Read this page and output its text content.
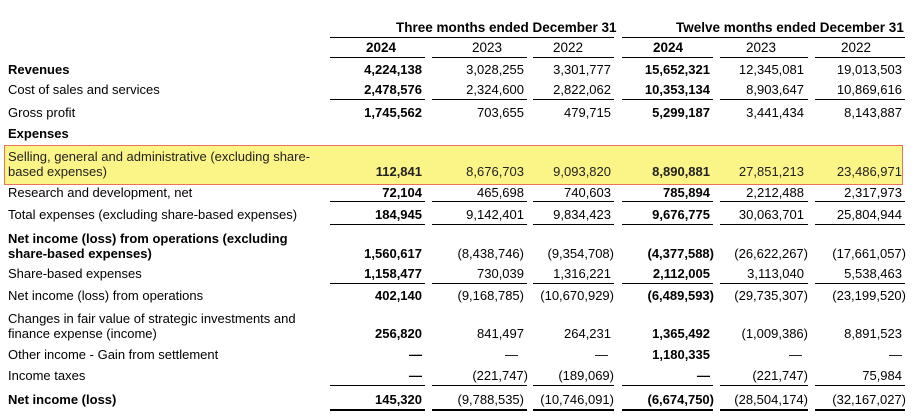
Three months ended December 31	Twelve months ended December 31
2024	2023	2022	2024	2023	2022
Revenues	4,224,138	3,028,255	3,301,777	15,652,321	12,345,081	19,013,503
Cost of sales and services	2,478,576	2,324,600	2,822,062	10,353,134	8,903,647	10,869,616
Gross profit	1,745,562	703,655	479,715	5,299,187	3,441,434	8,143,887
Expenses
Selling, general and administrative (excluding share-
based expenses)	112,841	8,676,703	9,093,820	8,890,881	27,851,213	23,486,971
Research and development, net	72,104	465,698	740,603	785,894	2,212,488	2,317,973
Total expenses (excluding share-based expenses)	184,945	9,142,401	9,834,423	9,676,775	30,063,701	25,804,944
Net income (loss) from operations (excluding
share-based expenses)	1,560,617	(8,438,746)	(9,354,708)	(4,377,588)	(26,622,267)	(17,661,057)
Share-based expenses	1,158,477	730,039	1,316,221	2,112,005	3,113,040	5,538,463
Net income (loss) from operations	402,140	(9,168,785)	(10,670,929)	(6,489,593)	(29,735,307)	(23,199,520)
Changes in fair value of strategic investments and
finance expense (income)	256,820	841,497	264,231	1,365,492	(1,009,386)	8,891,523
Other income - Gain from settlement	—	—	—	1,180,335	—	—
Income taxes	—	(221,747)	(189,069)	—	(221,747)	75,984
Net income (loss)	145,320	(9,788,535)	(10,746,091)	(6,674,750)	(28,504,174)	(32,167,027)
